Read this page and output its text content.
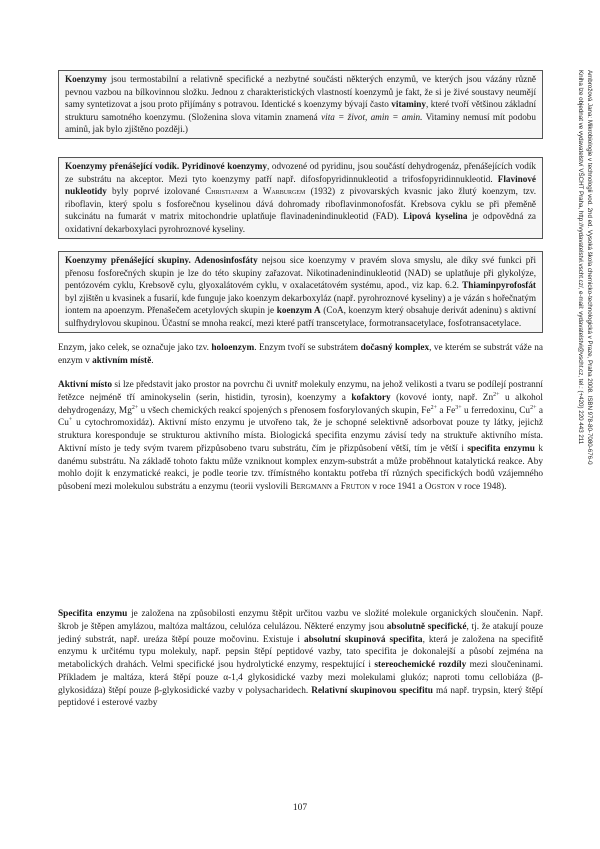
Ambrožová Jana: Mikrobiologie v technologii vod. 2nd ed. Vysoká škola chemicko-technologická v Praze, Praha 2008. ISBN 978-80-7080-676-0
Kniha lze objednat ve vydavatelství VŠCHT Praha, http://vydavatelstvi.vscht.cz/, e-mail: vydavatelstvi@vscht.cz, tel.: (+420) 220 443 211

Koenzymy jsou termostabilní a relativně specifické a nezbytné součásti některých enzymů, ve kterých jsou vázány různě pevnou vazbou na bílkovinnou složku. Jednou z charakteristických vlastností koenzymů je fakt, že si je živé soustavy neumějí samy syntetizovat a jsou proto přijímány s potravou. Identické s koenzymy bývají často vitaminy, které tvoří většinou základní strukturu samotného koenzymu. (Složenina slova vitamin znamená vita = život, amin = amin. Vitaminy nemusí mít podobu aminů, jak bylo zjištěno později.)

Koenzymy přenášející vodík. Pyridinové koenzymy, odvozené od pyridinu, jsou součástí dehydrogenáz, přenášejících vodík ze substrátu na akceptor. Mezi tyto koenzymy patří např. difosfopyridinnukleotid a trifosfopyridinnukleotid. Flavinové nukleotidy byly poprvé izolované Christianem a Warburgem (1932) z pivovarských kvasnic jako žlutý koenzym, tzv. riboflavin, který spolu s fosforečnou kyselinou dává dohromady riboflavinmonofosfát. Krebsova cyklu se při přeměně sukcinátu na fumarát v matrix mitochondrie uplatňuje flavinadenindinukleotid (FAD). Lipová kyselina je odpovědná za oxidativní dekarboxylaci pyrohroznové kyseliny.

Koenzymy přenášející skupiny. Adenosinfosfáty nejsou sice koenzymy v pravém slova smyslu, ale díky své funkci při přenosu fosforečných skupin je lze do této skupiny zařazovat. Nikotinadenindinukleotid (NAD) se uplatňuje při glykolýze, pentózovém cyklu, Krebsově cylu, glyoxalátovém cyklu, v oxalacetátovém systému, apod., viz kap. 6.2. Thiaminpyrofosfát byl zjištěn u kvasinek a fusarií, kde funguje jako koenzym dekarboxyláz (např. pyrohroznové kyseliny) a je vázán s hořečnatým iontem na apoenzym. Přenašečem acetylových skupin je koenzym A (CoA, koenzym který obsahuje derivát adeninu) s aktivní sulfhydrylovou skupinou. Účastní se mnoha reakcí, mezi které patří transcetylace, formotransacetylace, fosfotransacetylace.

Enzym, jako celek, se označuje jako tzv. holoenzym. Enzym tvoří se substrátem dočasný komplex, ve kterém se substrát váže na enzym v aktivním místě.

Aktivní místo si lze představit jako prostor na povrchu či uvnitř molekuly enzymu, na jehož velikosti a tvaru se podílejí postranní řetězce nejméně tří aminokyselin (serin, histidin, tyrosin), koenzymy a kofaktory (kovové ionty, např. $Zn^{2+}$ u alkohol dehydrogenázy, $Mg^{2+}$ u všech chemických reakcí spojených s přenosem fosforylovaných skupin, $Fe^{2+}$ a $Fe^{3+}$ u ferredoxinu, $Cu^{2+}$ a Cu+ u cytochromoxidáz). Aktivní místo enzymu je utvořeno tak, že je schopné selektivně adsorbovat pouze ty látky, jejichž struktura koresponduje se strukturou aktivního místa. Biologická specifita enzymu závisí tedy na struktuře aktivního místa. Aktivní místo je tedy svým tvarem přizpůsobeno tvaru substrátu, čím je přizpůsobení větší, tím je větší i specifita enzymu k danému substrátu. Na základě tohoto faktu může vzniknout komplex enzym-substrát a může proběhnout katalytická reakce. Aby mohlo dojít k enzymatické reakci, je podle teorie tzv. třímístného kontaktu potřeba tří různých specifických bodů vzájemného působení mezi molekulou substrátu a enzymu (teorii vyslovili Bergmann a Fruton v roce 1941 a Ogston v roce 1948).

Specifita enzymu je založena na způsobilosti enzymu štěpit určitou vazbu ve složité molekule organických sloučenin. Např. škrob je štěpen amylázou, maltóza maltázou, celulóza celulázou. Některé enzymy jsou absolutně specifické, tj. že atakují pouze jediný substrát, např. ureáza štěpí pouze močovinu. Existuje i absolutní skupinová specifita, která je založena na specifitě enzymu k určitému typu molekuly, např. pepsin štěpí peptidové vazby, tato specifita je dokonalejší a působí zejména na metabolických drahách. Velmi specifické jsou hydrolytické enzymy, respektující i stereochemické rozdíly mezi sloučeninami. Příkladem je maltáza, která štěpí pouze α-1,4 glykosidické vazby mezi molekulami glukóz; naproti tomu cellobiáza (β-glykosidáza) štěpí pouze β-glykosidické vazby v polysacharidech. Relativní skupinovou specifitu má např. trypsin, který štěpí peptidové i esterové vazby

107
